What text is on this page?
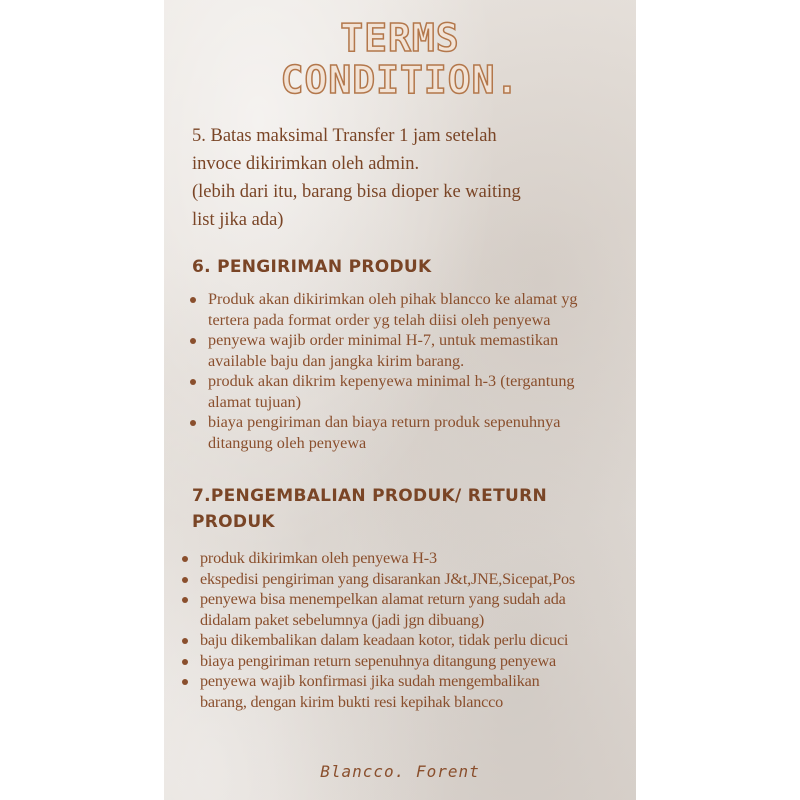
TERMS
CONDITION.

5. Batas maksimal Transfer 1 jam setelah
invoce dikirimkan oleh admin.
(lebih dari itu, barang bisa dioper ke waiting
list jika ada)

6. PENGIRIMAN PRODUK
Produk akan dikirimkan oleh pihak blancco ke alamat yg
tertera pada format order yg telah diisi oleh penyewa
penyewa wajib order minimal H-7, untuk memastikan
available baju dan jangka kirim barang.
produk akan dikrim kepenyewa minimal h-3 (tergantung
alamat tujuan)
biaya pengiriman dan biaya return produk sepenuhnya
ditangung oleh penyewa
7.PENGEMBALIAN PRODUK/ RETURN
PRODUK
produk dikirimkan oleh penyewa H-3
ekspedisi pengiriman yang disarankan J&t,JNE,Sicepat,Pos
penyewa bisa menempelkan alamat return yang sudah ada
didalam paket sebelumnya (jadi jgn dibuang)
baju dikembalikan dalam keadaan kotor, tidak perlu dicuci
biaya pengiriman return sepenuhnya ditangung penyewa
penyewa wajib konfirmasi jika sudah mengembalikan
barang, dengan kirim bukti resi kepihak blancco

Blancco. Forent
